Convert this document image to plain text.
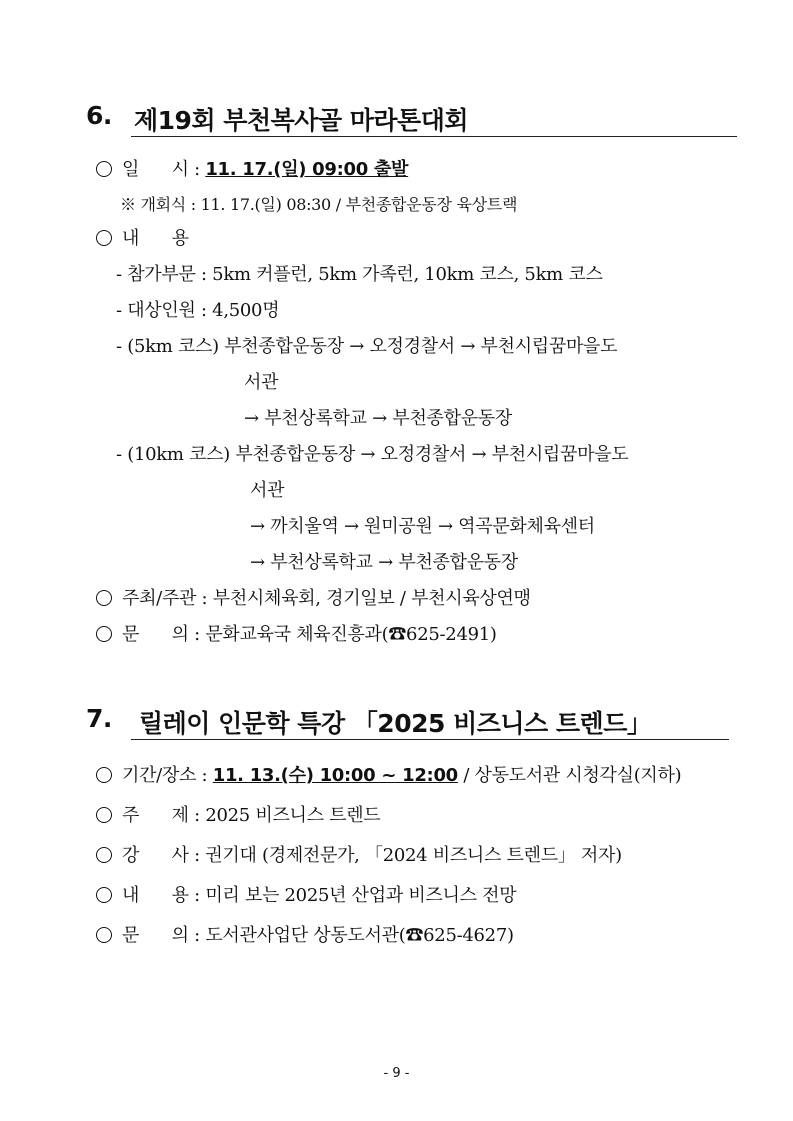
6. 제19회 부천복사골 마라톤대회
일      시 : 11. 17.(일) 09:00 출발
※ 개회식 : 11. 17.(일) 08:30 / 부천종합운동장 육상트랙
내      용
- 참가부문 : 5km 커플런, 5km 가족런, 10km 코스, 5km 코스
- 대상인원 : 4,500명
- (5km 코스) 부천종합운동장 → 오정경찰서 → 부천시립꿈마을도
서관
→ 부천상록학교 → 부천종합운동장
- (10km 코스) 부천종합운동장 → 오정경찰서 → 부천시립꿈마을도
서관
→ 까치울역 → 원미공원 → 역곡문화체육센터
→ 부천상록학교 → 부천종합운동장
주최/주관 : 부천시체육회, 경기일보 / 부천시육상연맹
문      의 : 문화교육국 체육진흥과(☎625-2491)
7. 릴레이 인문학 특강 「2025 비즈니스 트렌드」
기간/장소 : 11. 13.(수) 10:00 ~ 12:00 / 상동도서관 시청각실(지하)
주      제 : 2025 비즈니스 트렌드
강      사 : 권기대 (경제전문가, 「2024 비즈니스 트렌드」 저자)
내      용 : 미리 보는 2025년 산업과 비즈니스 전망
문      의 : 도서관사업단 상동도서관(☎625-4627)
- 9 -
